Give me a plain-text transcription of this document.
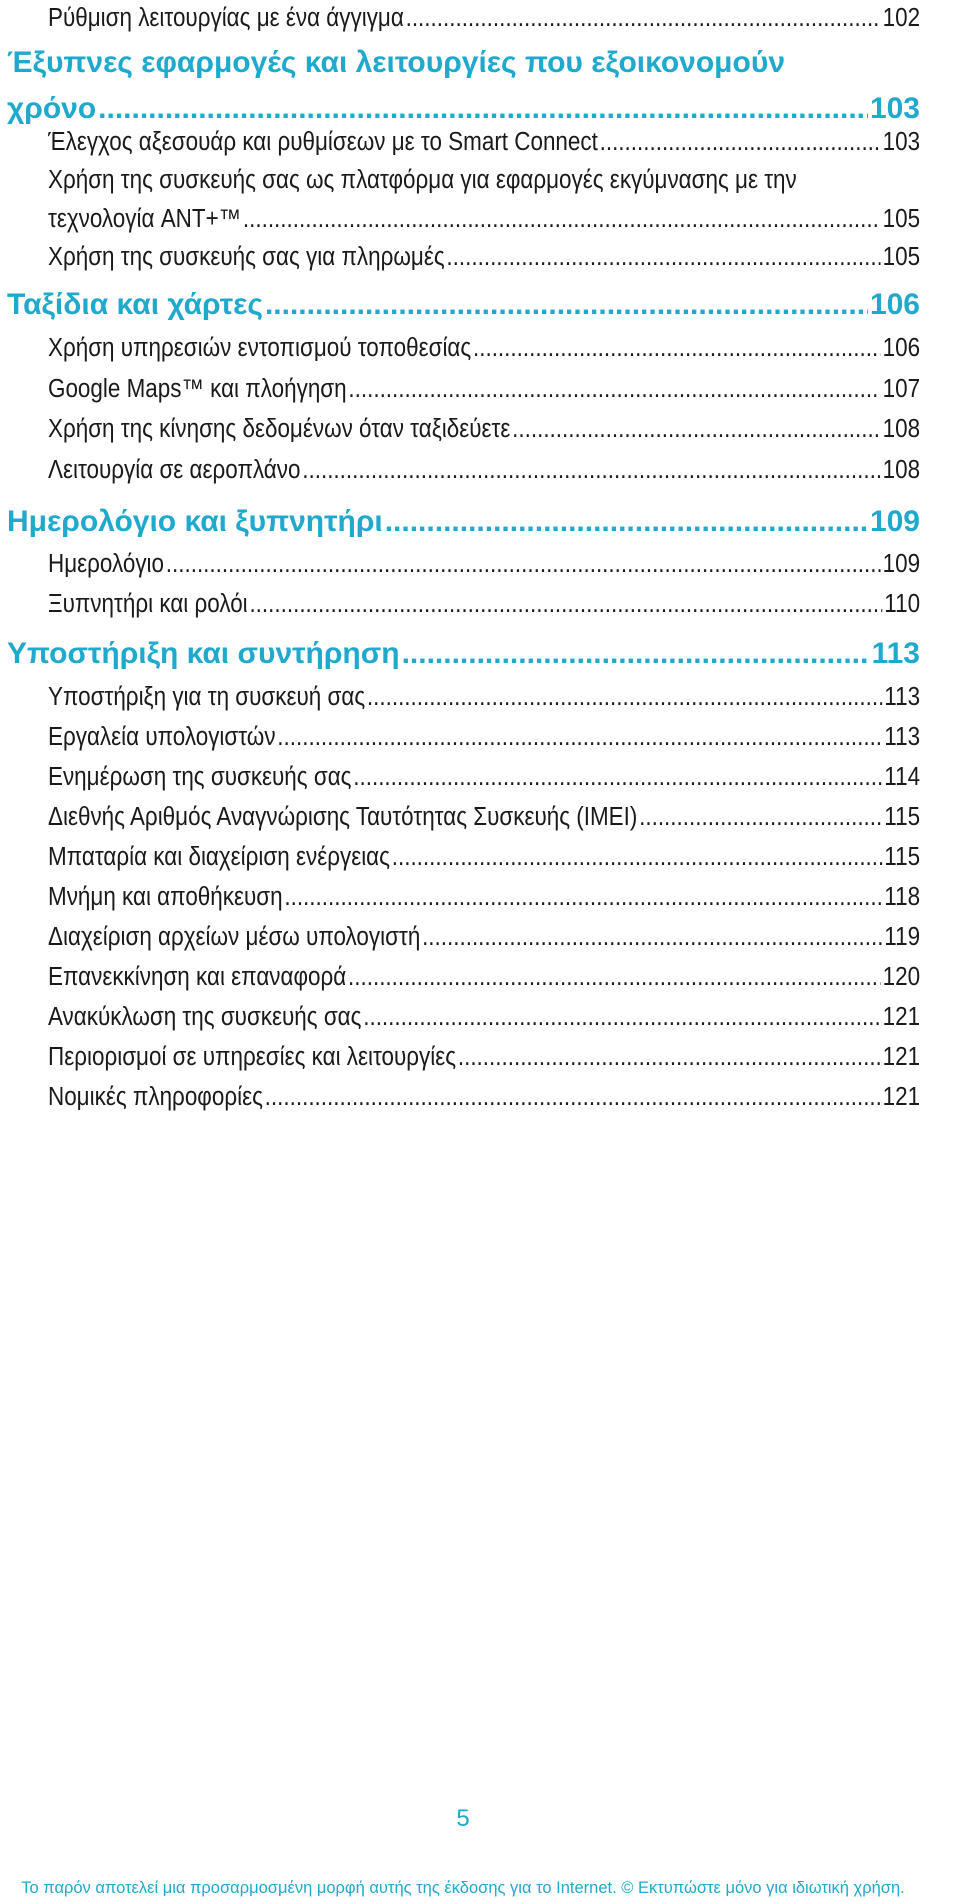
Ρύθμιση λειτουργίας με ένα άγγιγμα .....	102
Έξυπνες εφαρμογές και λειτουργίες που εξοικονομούν
χρόνο .....	103
Έλεγχος αξεσουάρ και ρυθμίσεων με το Smart Connect .....	103
Χρήση της συσκευής σας ως πλατφόρμα για εφαρμογές εκγύμνασης με την
τεχνολογία ANT+™ .....	105
Χρήση της συσκευής σας για πληρωμές .....	105
Ταξίδια και χάρτες .....	106
Χρήση υπηρεσιών εντοπισμού τοποθεσίας .....	106
Google Maps™ και πλοήγηση .....	107
Χρήση της κίνησης δεδομένων όταν ταξιδεύετε .....	108
Λειτουργία σε αεροπλάνο .....	108
Ημερολόγιο και ξυπνητήρι .....	109
Ημερολόγιο .....	109
Ξυπνητήρι και ρολόι .....	110
Υποστήριξη και συντήρηση .....	113
Υποστήριξη για τη συσκευή σας .....	113
Εργαλεία υπολογιστών .....	113
Ενημέρωση της συσκευής σας .....	114
Διεθνής Αριθμός Αναγνώρισης Ταυτότητας Συσκευής (IMEI) .....	115
Μπαταρία και διαχείριση ενέργειας .....	115
Μνήμη και αποθήκευση .....	118
Διαχείριση αρχείων μέσω υπολογιστή .....	119
Επανεκκίνηση και επαναφορά .....	120
Ανακύκλωση της συσκευής σας .....	121
Περιορισμοί σε υπηρεσίες και λειτουργίες .....	121
Νομικές πληροφορίες .....	121
5
Το παρόν αποτελεί μια προσαρμοσμένη μορφή αυτής της έκδοσης για το Internet. © Εκτυπώστε μόνο για ιδιωτική χρήση.
